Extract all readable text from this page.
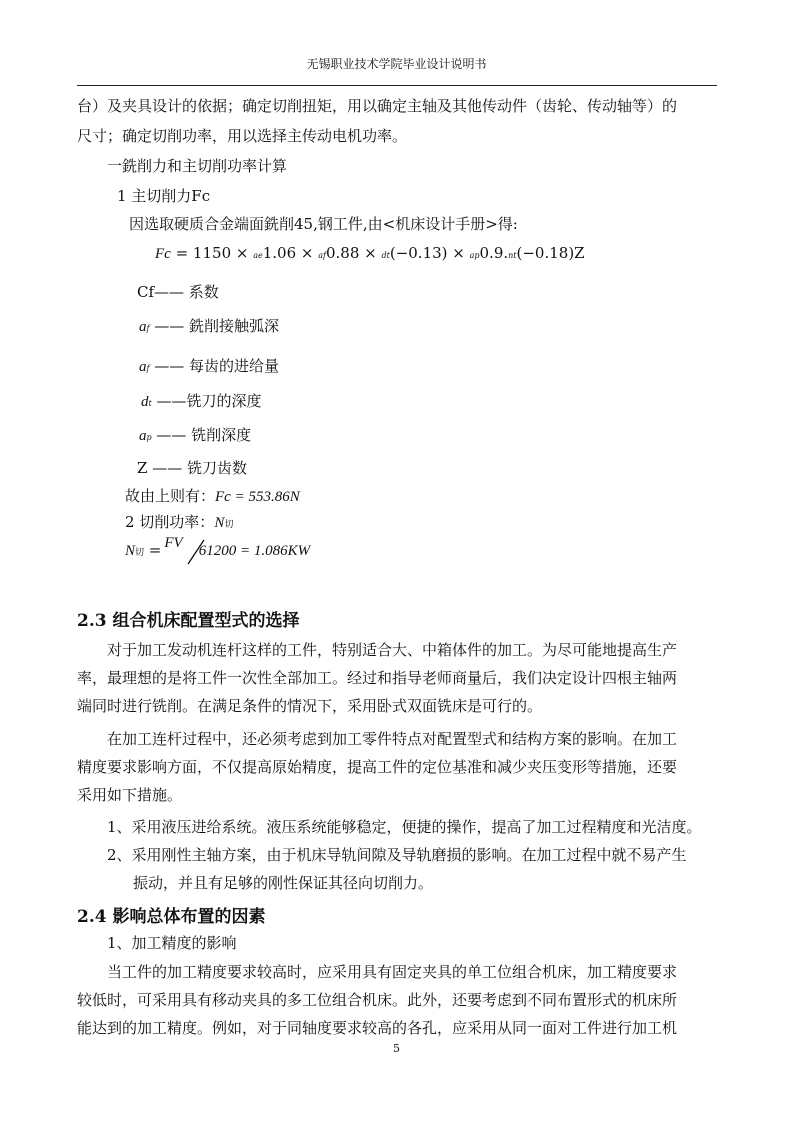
无锡职业技术学院毕业设计说明书
台）及夹具设计的依据；确定切削扭矩，用以确定主轴及其他传动件（齿轮、传动轴等）的
尺寸；确定切削功率，用以选择主传动电机功率。
一銑削力和主切削功率计算
1 主切削力Fc
因选取硬质合金端面銑削45,钢工件,由<机床设计手册>得:
Fc = 1150 × ae1.06 × af0.88 × dt(−0.13) × ap0.9.nt(−0.18)Z
Cf—— 系数
af —— 銑削接触弧深
af —— 每齿的进给量
dt ——铣刀的深度
ap —— 铣削深度
Z —— 铣刀齿数
故由上则有：Fc = 553.86N
2 切削功率：N切
N切 = FV 61200 = 1.086KW
2.3 组合机床配置型式的选择
对于加工发动机连杆这样的工件，特别适合大、中箱体件的加工。为尽可能地提高生产
率，最理想的是将工件一次性全部加工。经过和指导老师商量后，我们决定设计四根主轴两
端同时进行铣削。在满足条件的情况下，采用卧式双面铣床是可行的。
在加工连杆过程中，还必须考虑到加工零件特点对配置型式和结构方案的影响。在加工
精度要求影响方面，不仅提高原始精度，提高工件的定位基准和减少夹压变形等措施，还要
采用如下措施。
1、采用液压进给系统。液压系统能够稳定，便捷的操作，提高了加工过程精度和光洁度。
2、采用刚性主轴方案，由于机床导轨间隙及导轨磨损的影响。在加工过程中就不易产生
振动，并且有足够的刚性保证其径向切削力。
2.4 影响总体布置的因素
1、加工精度的影响
当工件的加工精度要求较高时，应采用具有固定夹具的单工位组合机床，加工精度要求
较低时，可采用具有移动夹具的多工位组合机床。此外，还要考虑到不同布置形式的机床所
能达到的加工精度。例如，对于同轴度要求较高的各孔，应采用从同一面对工件进行加工机
5
